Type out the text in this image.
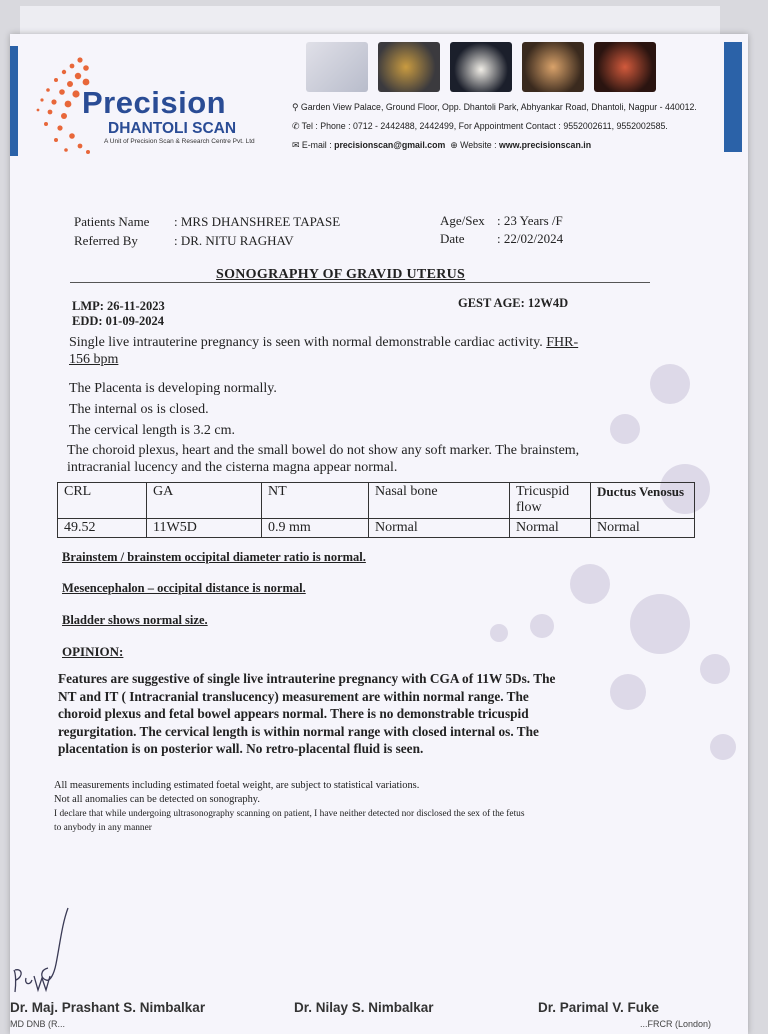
Precision
DHANTOLI SCAN
A Unit of Precision Scan & Research Centre Pvt. Ltd
⚲ Garden View Palace, Ground Floor, Opp. Dhantoli Park, Abhyankar Road, Dhantoli, Nagpur - 440012.
✆ Tel : Phone : 0712 - 2442488, 2442499, For Appointment Contact : 9552002611, 9552002585.
✉ E-mail : precisionscan@gmail.com ⊕ Website : www.precisionscan.in
Patients Name : MRS DHANSHREE TAPASE
Referred By	: DR. NITU RAGHAV
Age/Sex : 23 Years /F
Date : 22/02/2024
SONOGRAPHY OF GRAVID UTERUS
LMP: 26-11-2023
EDD: 01-09-2024
GEST AGE: 12W4D
Single live intrauterine pregnancy is seen with normal demonstrable cardiac activity. FHR-
156 bpm
The Placenta is developing normally.
The internal os is closed.
The cervical length is 3.2 cm.
The choroid plexus, heart and the small bowel do not show any soft marker. The brainstem,
intracranial lucency and the cisterna magna appear normal.
CRL	GA	NT	Nasal bone	Tricuspid flow	Ductus Venosus
49.52	11W5D	0.9 mm	Normal	Normal	Normal
Brainstem / brainstem occipital diameter ratio is normal.
Mesencephalon – occipital distance is normal.
Bladder shows normal size.
OPINION:
Features are suggestive of single live intrauterine pregnancy with CGA of 11W 5Ds. The
NT and IT ( Intracranial translucency) measurement are within normal range. The
choroid plexus and fetal bowel appears normal. There is no demonstrable tricuspid
regurgitation. The cervical length is within normal range with closed internal os. The
placentation is on posterior wall. No retro-placental fluid is seen.
All measurements including estimated foetal weight, are subject to statistical variations.
Not all anomalies can be detected on sonography.
I declare that while undergoing ultrasonography scanning on patient, I have neither detected nor disclosed the sex of the fetus
to anybody in any manner
Dr. Maj. Prashant S. Nimbalkar	Dr. Nilay S. Nimbalkar	Dr. Parimal V. Fuke
MD DNB (R...	...FRCR (London)
